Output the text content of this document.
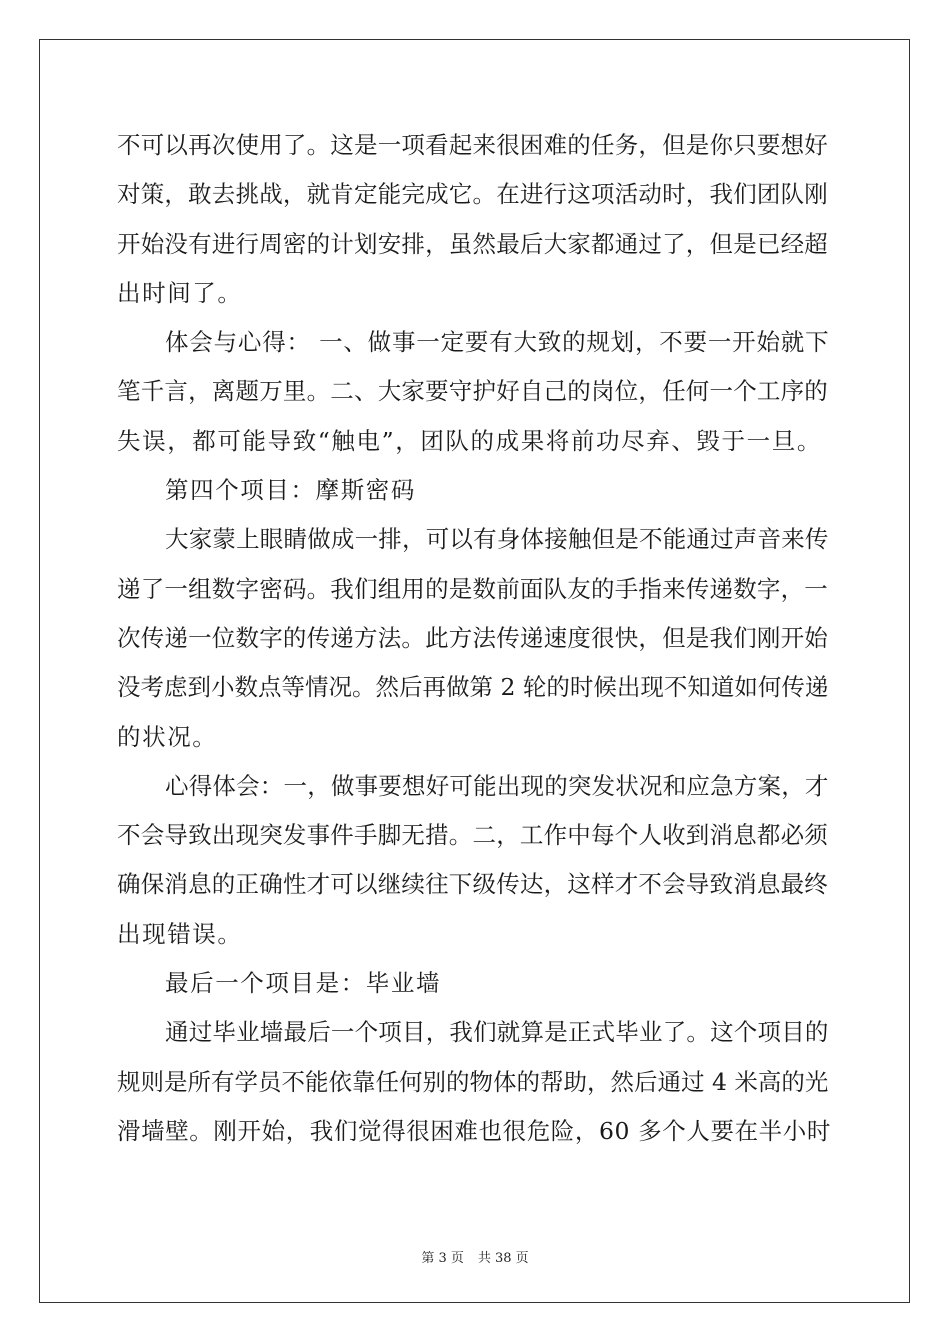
不可以再次使用了。这是一项看起来很困难的任务，但是你只要想好
对策，敢去挑战，就肯定能完成它。在进行这项活动时，我们团队刚
开始没有进行周密的计划安排，虽然最后大家都通过了，但是已经超
出时间了。
体会与心得： 一、做事一定要有大致的规划，不要一开始就下
笔千言，离题万里。二、大家要守护好自己的岗位，任何一个工序的
失误，都可能导致“触电”，团队的成果将前功尽弃、毁于一旦。
第四个项目：摩斯密码
大家蒙上眼睛做成一排，可以有身体接触但是不能通过声音来传
递了一组数字密码。我们组用的是数前面队友的手指来传递数字，一
次传递一位数字的传递方法。此方法传递速度很快，但是我们刚开始
没考虑到小数点等情况。然后再做第 2 轮的时候出现不知道如何传递
的状况。
心得体会：一，做事要想好可能出现的突发状况和应急方案，才
不会导致出现突发事件手脚无措。二，工作中每个人收到消息都必须
确保消息的正确性才可以继续往下级传达，这样才不会导致消息最终
出现错误。
最后一个项目是：毕业墙
通过毕业墙最后一个项目，我们就算是正式毕业了。这个项目的
规则是所有学员不能依靠任何别的物体的帮助，然后通过 4 米高的光
滑墙壁。刚开始，我们觉得很困难也很危险，60 多个人要在半小时
第 3 页 共 38 页
